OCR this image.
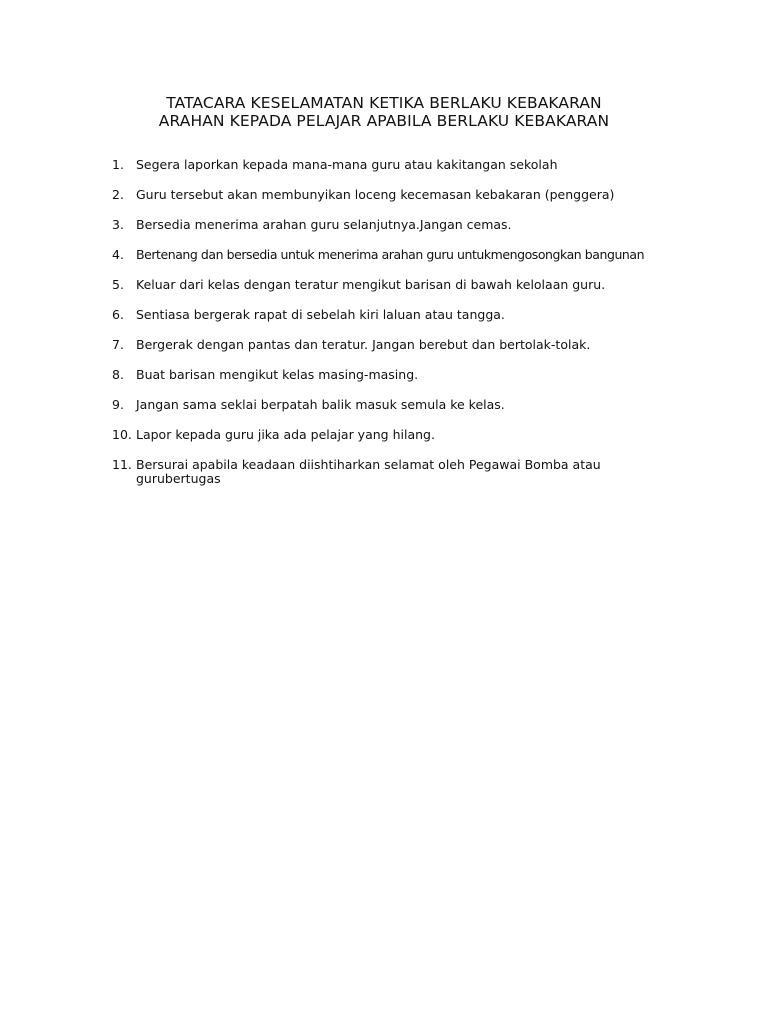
TATACARA KESELAMATAN KETIKA BERLAKU KEBAKARAN
ARAHAN KEPADA PELAJAR APABILA BERLAKU KEBAKARAN
1. Segera laporkan kepada mana-mana guru atau kakitangan sekolah
2. Guru tersebut akan membunyikan loceng kecemasan kebakaran (penggera)
3. Bersedia menerima arahan guru selanjutnya.Jangan cemas.
4. Bertenang dan bersedia untuk menerima arahan guru untukmengosongkan bangunan
5. Keluar dari kelas dengan teratur mengikut barisan di bawah kelolaan guru.
6. Sentiasa bergerak rapat di sebelah kiri laluan atau tangga.
7. Bergerak dengan pantas dan teratur. Jangan berebut dan bertolak-tolak.
8. Buat barisan mengikut kelas masing-masing.
9. Jangan sama seklai berpatah balik masuk semula ke kelas.
10. Lapor kepada guru jika ada pelajar yang hilang.
11. Bersurai apabila keadaan diishtiharkan selamat oleh Pegawai Bomba atau gurubertugas
